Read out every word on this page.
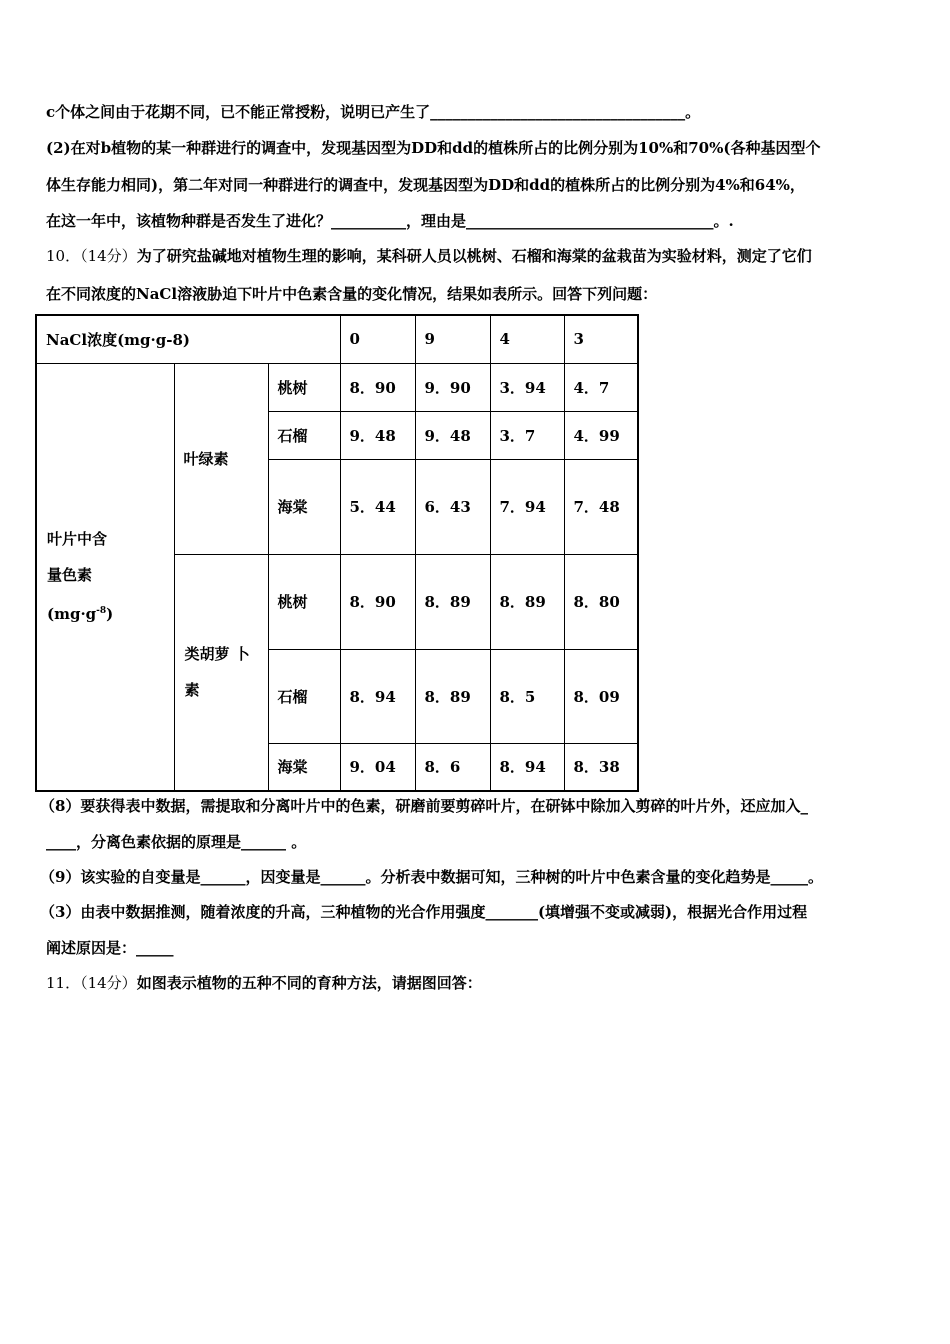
c个体之间由于花期不同，已不能正常授粉，说明已产生了__________________________________。
(2)在对b植物的某一种群进行的调查中，发现基因型为DD和dd的植株所占的比例分别为10%和70%(各种基因型个
体生存能力相同)，第二年对同一种群进行的调查中，发现基因型为DD和dd的植株所占的比例分别为4%和64%，
在这一年中，该植物种群是否发生了进化？__________，理由是_________________________________。.
10．（14分）为了研究盐碱地对植物生理的影响，某科研人员以桃树、石榴和海棠的盆栽苗为实验材料，测定了它们
在不同浓度的NaCl溶液胁迫下叶片中色素含量的变化情况，结果如表所示。回答下列问题：
NaCl浓度(mg·g-8)			0	9	4	3

叶片中含
量色素
$(mg\cdot g^{-8})$	叶绿素	桃树	8．90	9．90	3．94	4．7
		石榴	9．48	9．48	3．7	4．99
		海棠	5．44	6．43	7．94	7．48

	类胡萝 卜
素	桃树	8．90	8．89	8．89	8．80
		石榴	8．94	8．89	8．5	8．09
		海棠	9．04	8．6	8．94	8．38
（8）要获得表中数据，需提取和分离叶片中的色素，研磨前要剪碎叶片，在研钵中除加入剪碎的叶片外，还应加入_
____，分离色素依据的原理是______ 。
（9）该实验的自变量是______，因变量是______。分析表中数据可知，三种树的叶片中色素含量的变化趋势是_____。
（3）由表中数据推测，随着浓度的升高，三种植物的光合作用强度_______(填增强不变或减弱)，根据光合作用过程
阐述原因是：_____
11．（14分）如图表示植物的五种不同的育种方法，请据图回答：
